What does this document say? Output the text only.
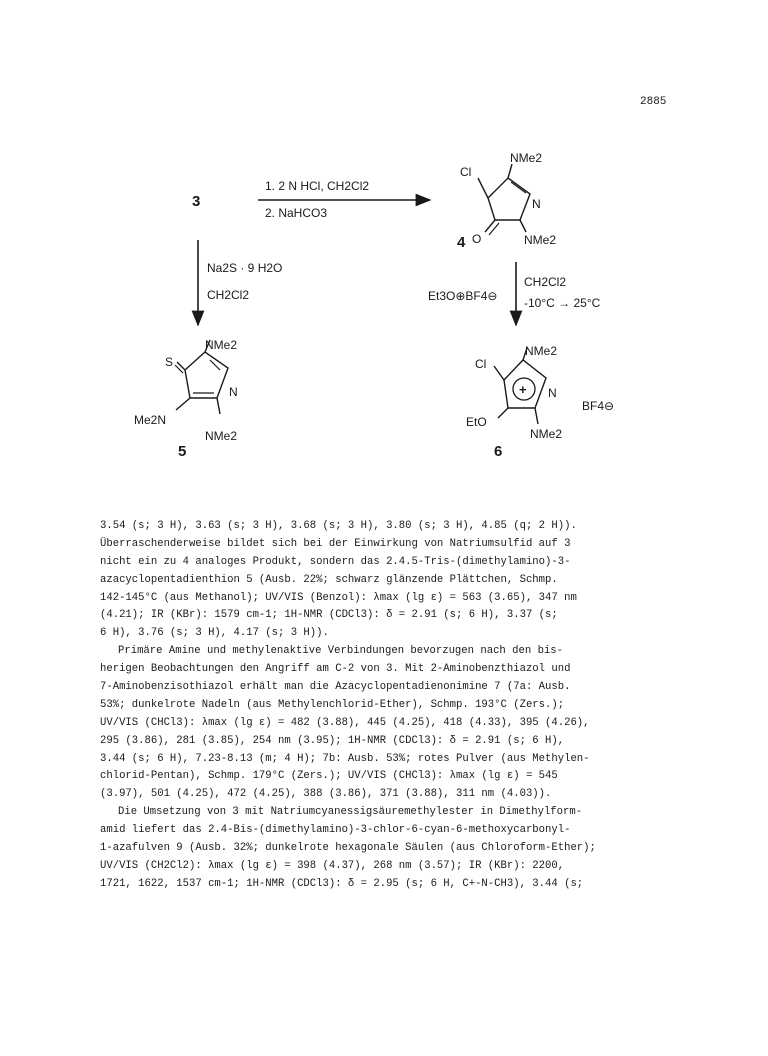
2885
3
1. 2 N HCl, CH2Cl2
2. NaHCO3
Na2S · 9 H2O
CH2Cl2
NMe2
Cl
N
O	NMe2
4
Et3O⊕BF4⊖
CH2Cl2
-10°C → 25°C
NMe2
S
N
Me2N
NMe2
5
+
NMe2
Cl
N
EtO
NMe2
BF4⊖
6
3.54 (s; 3 H), 3.63 (s; 3 H), 3.68 (s; 3 H), 3.80 (s; 3 H), 4.85 (q; 2 H)).
Überraschenderweise bildet sich bei der Einwirkung von Natriumsulfid auf 3
nicht ein zu 4 analoges Produkt, sondern das 2.4.5-Tris-(dimethylamino)-3-
azacyclopentadienthion 5 (Ausb. 22%; schwarz glänzende Plättchen, Schmp.
142-145°C (aus Methanol); UV/VIS (Benzol): λmax (lg ε) = 563 (3.65), 347 nm
(4.21); IR (KBr): 1579 cm-1; 1H-NMR (CDCl3): δ = 2.91 (s; 6 H), 3.37 (s;
6 H), 3.76 (s; 3 H), 4.17 (s; 3 H)).
Primäre Amine und methylenaktive Verbindungen bevorzugen nach den bis-
herigen Beobachtungen den Angriff am C-2 von 3. Mit 2-Aminobenzthiazol und
7-Aminobenzisothiazol erhält man die Azacyclopentadienonimine 7 (7a: Ausb.
53%; dunkelrote Nadeln (aus Methylenchlorid-Ether), Schmp. 193°C (Zers.);
UV/VIS (CHCl3): λmax (lg ε) = 482 (3.88), 445 (4.25), 418 (4.33), 395 (4.26),
295 (3.86), 281 (3.85), 254 nm (3.95); 1H-NMR (CDCl3): δ = 2.91 (s; 6 H),
3.44 (s; 6 H), 7.23-8.13 (m; 4 H); 7b: Ausb. 53%; rotes Pulver (aus Methylen-
chlorid-Pentan), Schmp. 179°C (Zers.); UV/VIS (CHCl3): λmax (lg ε) = 545
(3.97), 501 (4.25), 472 (4.25), 388 (3.86), 371 (3.88), 311 nm (4.03)).
Die Umsetzung von 3 mit Natriumcyanessigsäuremethylester in Dimethylform-
amid liefert das 2.4-Bis-(dimethylamino)-3-chlor-6-cyan-6-methoxycarbonyl-
1-azafulven 9 (Ausb. 32%; dunkelrote hexagonale Säulen (aus Chloroform-Ether);
UV/VIS (CH2Cl2): λmax (lg ε) = 398 (4.37), 268 nm (3.57); IR (KBr): 2200,
1721, 1622, 1537 cm-1; 1H-NMR (CDCl3): δ = 2.95 (s; 6 H, C+-N-CH3), 3.44 (s;
